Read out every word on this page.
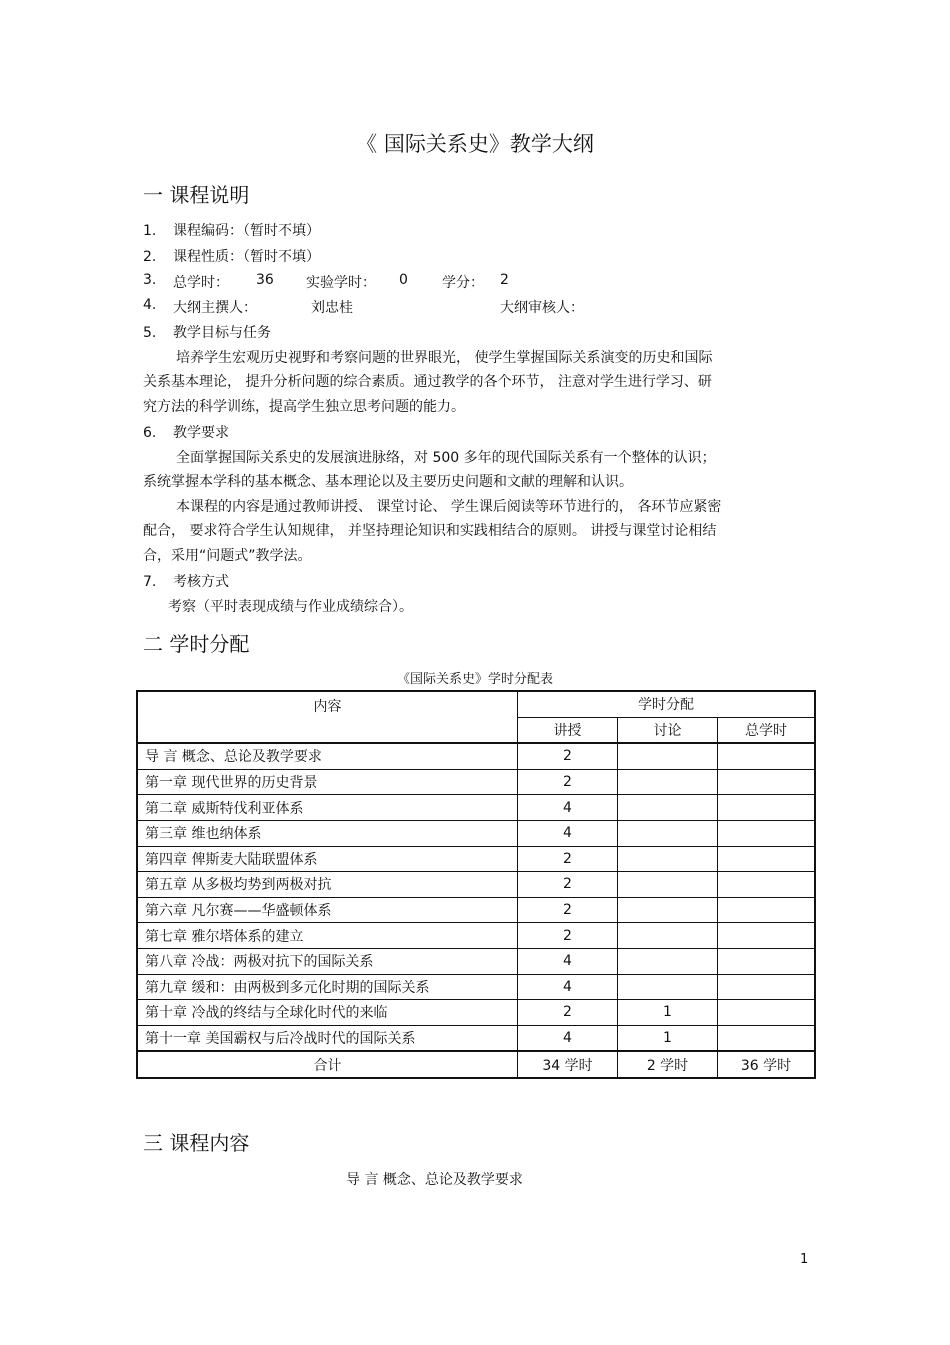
《 国际关系史》教学大纲
一 课程说明
1. 课程编码：（暂时不填）
2. 课程性质：（暂时不填）
3.	总学时： 36 实验学时： 0 学分： 2
4.	大纲主撰人：	刘忠桂	大纲审核人：
5. 教学目标与任务
培养学生宏观历史视野和考察问题的世界眼光， 使学生掌握国际关系演变的历史和国际
关系基本理论， 提升分析问题的综合素质。通过教学的各个环节， 注意对学生进行学习、研
究方法的科学训练，提高学生独立思考问题的能力。
6. 教学要求
全面掌握国际关系史的发展演进脉络，对 500 多年的现代国际关系有一个整体的认识；
系统掌握本学科的基本概念、基本理论以及主要历史问题和文献的理解和认识。
本课程的内容是通过教师讲授、 课堂讨论、 学生课后阅读等环节进行的， 各环节应紧密
配合， 要求符合学生认知规律， 并坚持理论知识和实践相结合的原则。 讲授与课堂讨论相结
合，采用“问题式”教学法。
7. 考核方式
考察（平时表现成绩与作业成绩综合）。
二 学时分配
《国际关系史》学时分配表
内容	学时分配		
	讲授	讨论	总学时
导 言 概念、总论及教学要求	2		
第一章 现代世界的历史背景	2		
第二章 威斯特伐利亚体系	4		
第三章 维也纳体系	4		
第四章 俾斯麦大陆联盟体系	2		
第五章 从多极均势到两极对抗	2		
第六章 凡尔赛——华盛顿体系	2		
第七章 雅尔塔体系的建立	2		
第八章 冷战：两极对抗下的国际关系	4		
第九章 缓和：由两极到多元化时期的国际关系	4		
第十章 冷战的终结与全球化时代的来临	2	1	
第十一章 美国霸权与后冷战时代的国际关系	4	1	
合计	34 学时	2 学时	36 学时
三 课程内容
导 言 概念、总论及教学要求
1
